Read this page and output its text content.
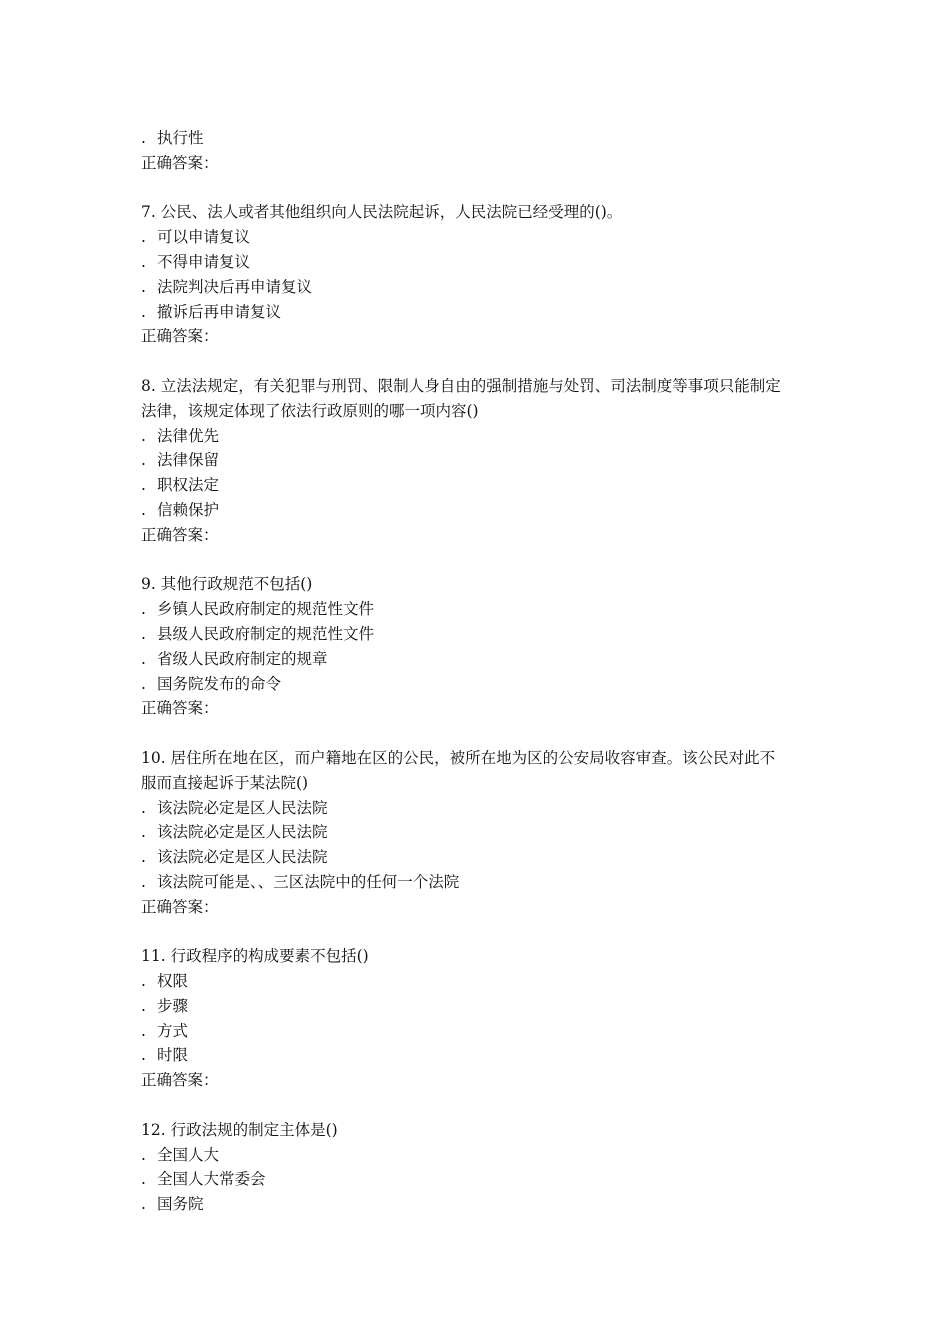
. 执行性
正确答案：
7. 公民、法人或者其他组织向人民法院起诉，人民法院已经受理的()。
. 可以申请复议
. 不得申请复议
. 法院判决后再申请复议
. 撤诉后再申请复议
正确答案：
8. 立法法规定，有关犯罪与刑罚、限制人身自由的强制措施与处罚、司法制度等事项只能制定
法律，该规定体现了依法行政原则的哪一项内容()
. 法律优先
. 法律保留
. 职权法定
. 信赖保护
正确答案：
9. 其他行政规范不包括()
. 乡镇人民政府制定的规范性文件
. 县级人民政府制定的规范性文件
. 省级人民政府制定的规章
. 国务院发布的命令
正确答案：
10. 居住所在地在区，而户籍地在区的公民，被所在地为区的公安局收容审查。该公民对此不
服而直接起诉于某法院()
. 该法院必定是区人民法院
. 该法院必定是区人民法院
. 该法院必定是区人民法院
. 该法院可能是、、三区法院中的任何一个法院
正确答案：
11. 行政程序的构成要素不包括()
. 权限
. 步骤
. 方式
. 时限
正确答案：
12. 行政法规的制定主体是()
. 全国人大
. 全国人大常委会
. 国务院
